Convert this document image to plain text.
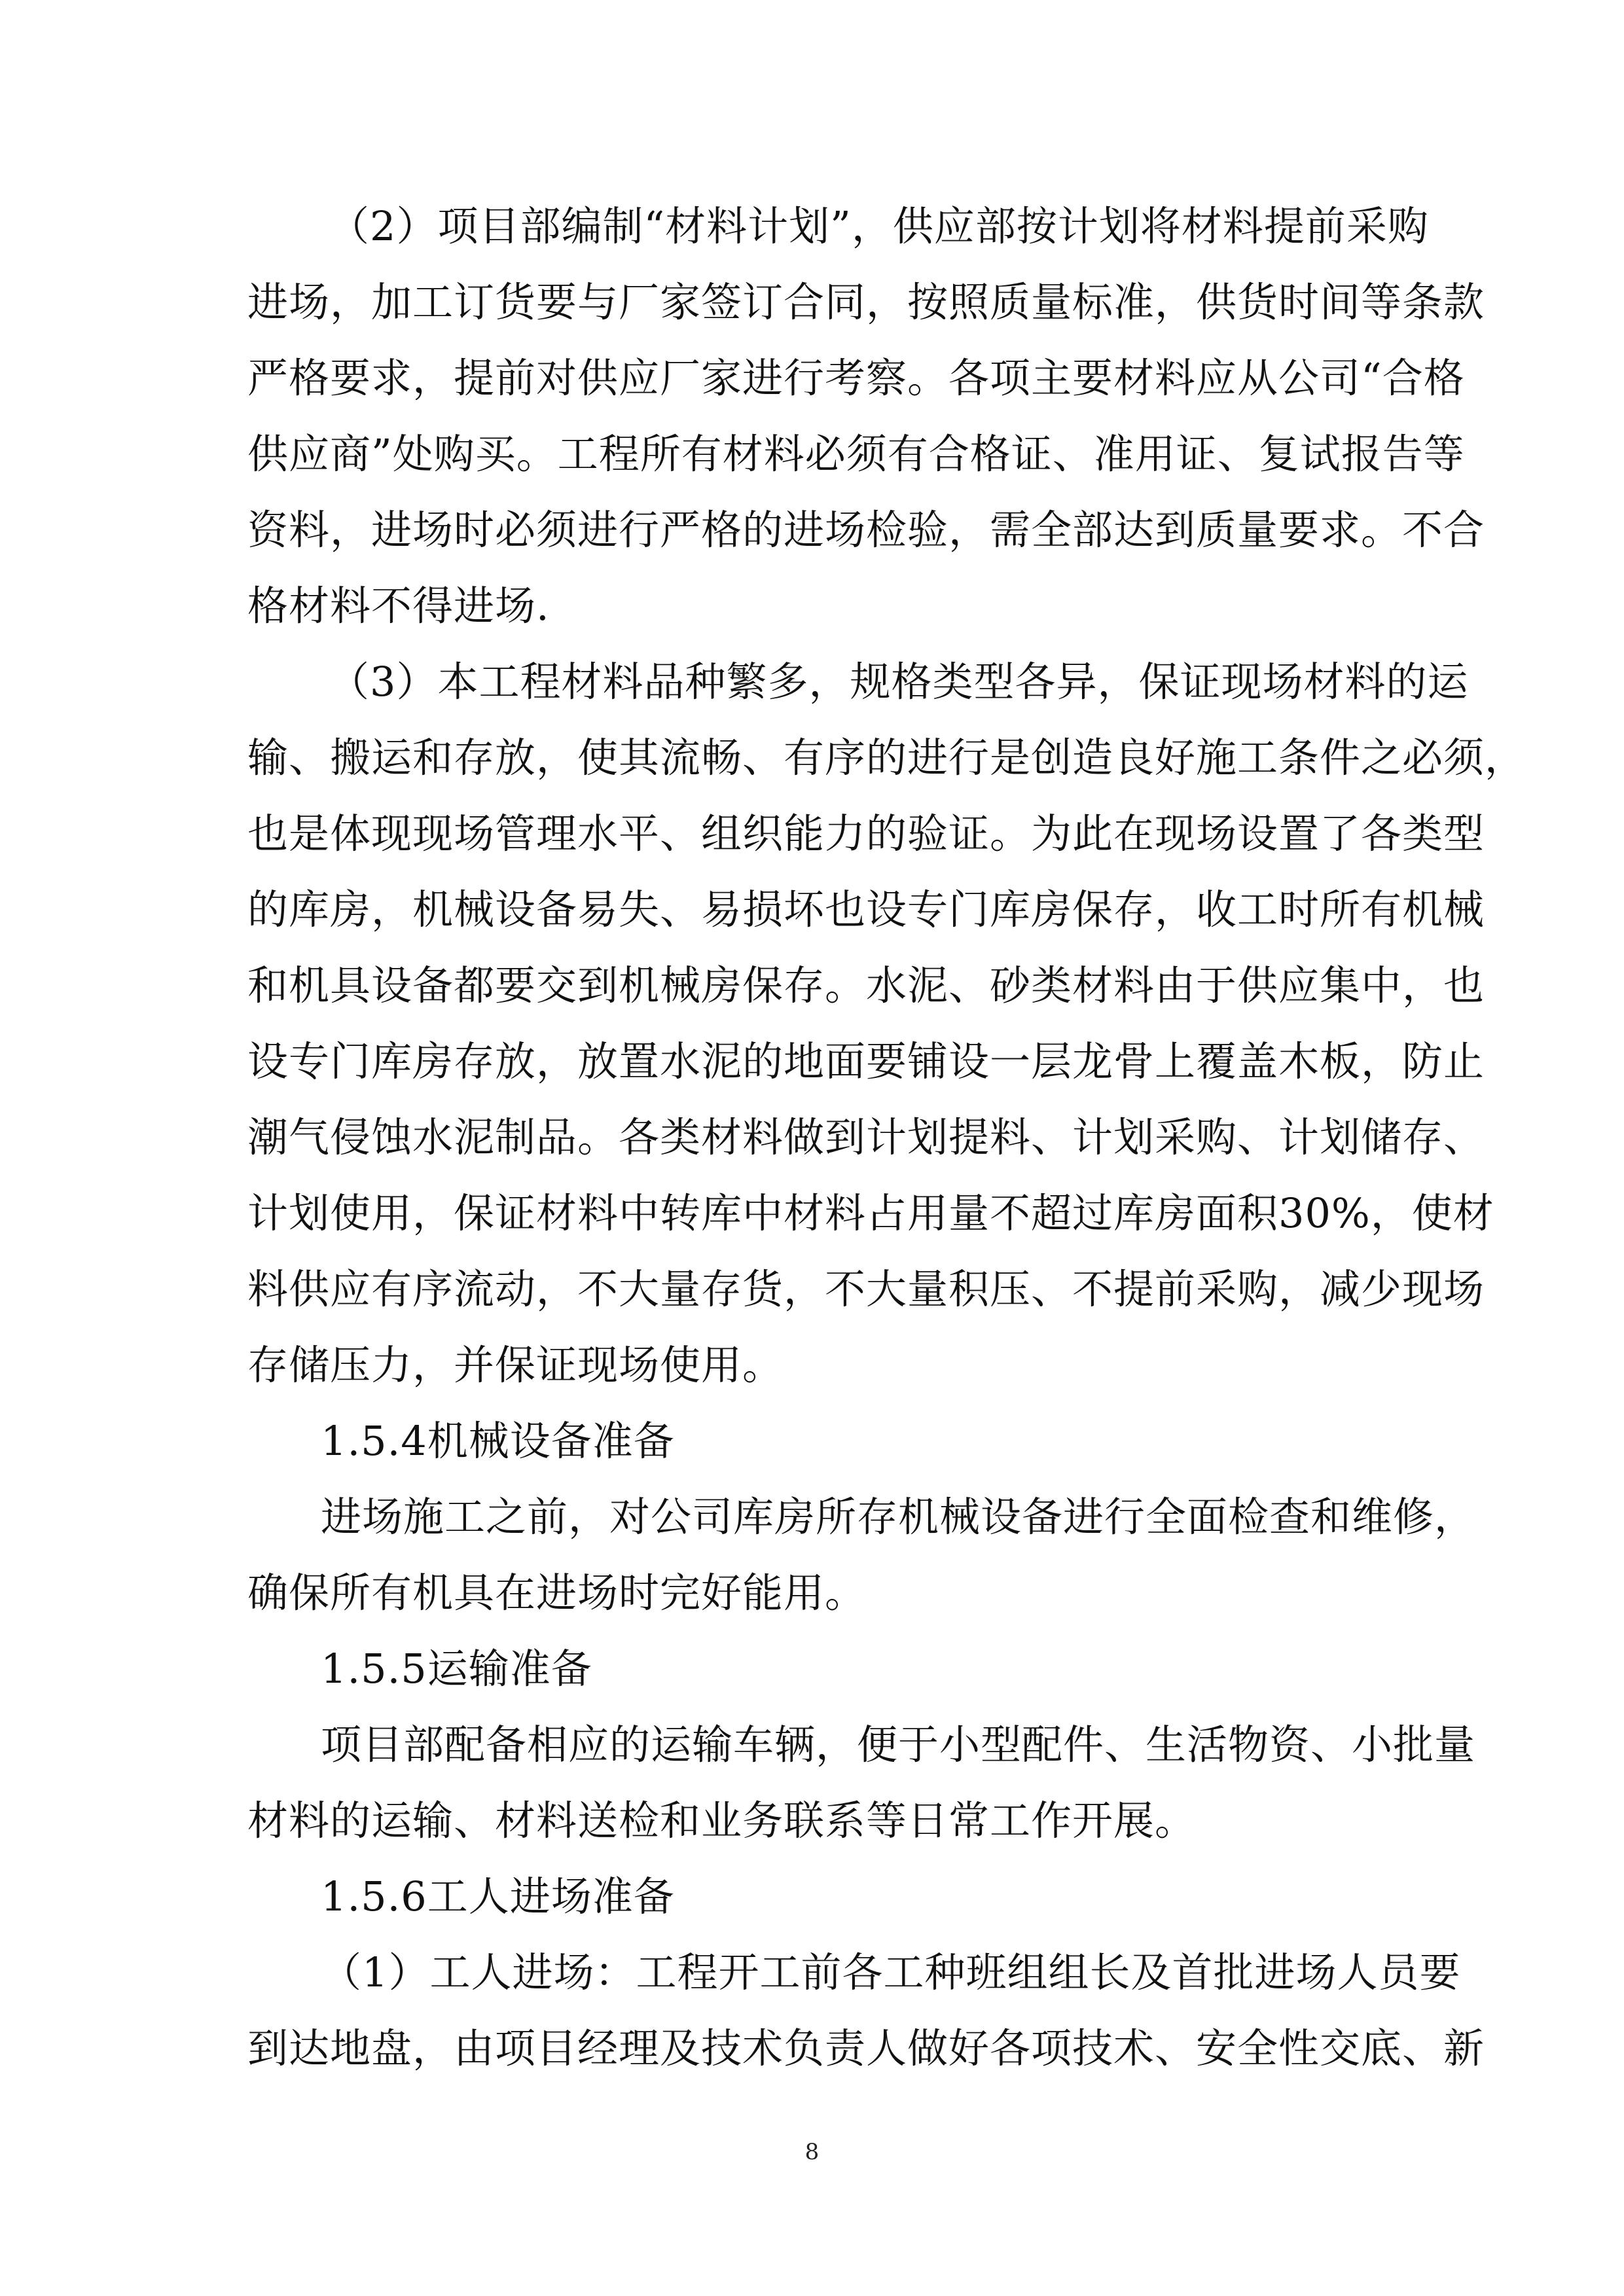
（2）项目部编制“材料计划”，供应部按计划将材料提前采购
进场，加工订货要与厂家签订合同，按照质量标准，供货时间等条款
严格要求，提前对供应厂家进行考察。各项主要材料应从公司“合格
供应商”处购买。工程所有材料必须有合格证、准用证、复试报告等
资料，进场时必须进行严格的进场检验，需全部达到质量要求。不合
格材料不得进场.
（3）本工程材料品种繁多，规格类型各异，保证现场材料的运
输、搬运和存放，使其流畅、有序的进行是创造良好施工条件之必须，
也是体现现场管理水平、组织能力的验证。为此在现场设置了各类型
的库房，机械设备易失、易损坏也设专门库房保存，收工时所有机械
和机具设备都要交到机械房保存。水泥、砂类材料由于供应集中，也
设专门库房存放，放置水泥的地面要铺设一层龙骨上覆盖木板，防止
潮气侵蚀水泥制品。各类材料做到计划提料、计划采购、计划储存、
计划使用，保证材料中转库中材料占用量不超过库房面积30%，使材
料供应有序流动，不大量存货，不大量积压、不提前采购，减少现场
存储压力，并保证现场使用。
1.5.4机械设备准备
进场施工之前，对公司库房所存机械设备进行全面检查和维修，
确保所有机具在进场时完好能用。
1.5.5运输准备
项目部配备相应的运输车辆，便于小型配件、生活物资、小批量
材料的运输、材料送检和业务联系等日常工作开展。
1.5.6工人进场准备
（1）工人进场：工程开工前各工种班组组长及首批进场人员要
到达地盘，由项目经理及技术负责人做好各项技术、安全性交底、新
8
